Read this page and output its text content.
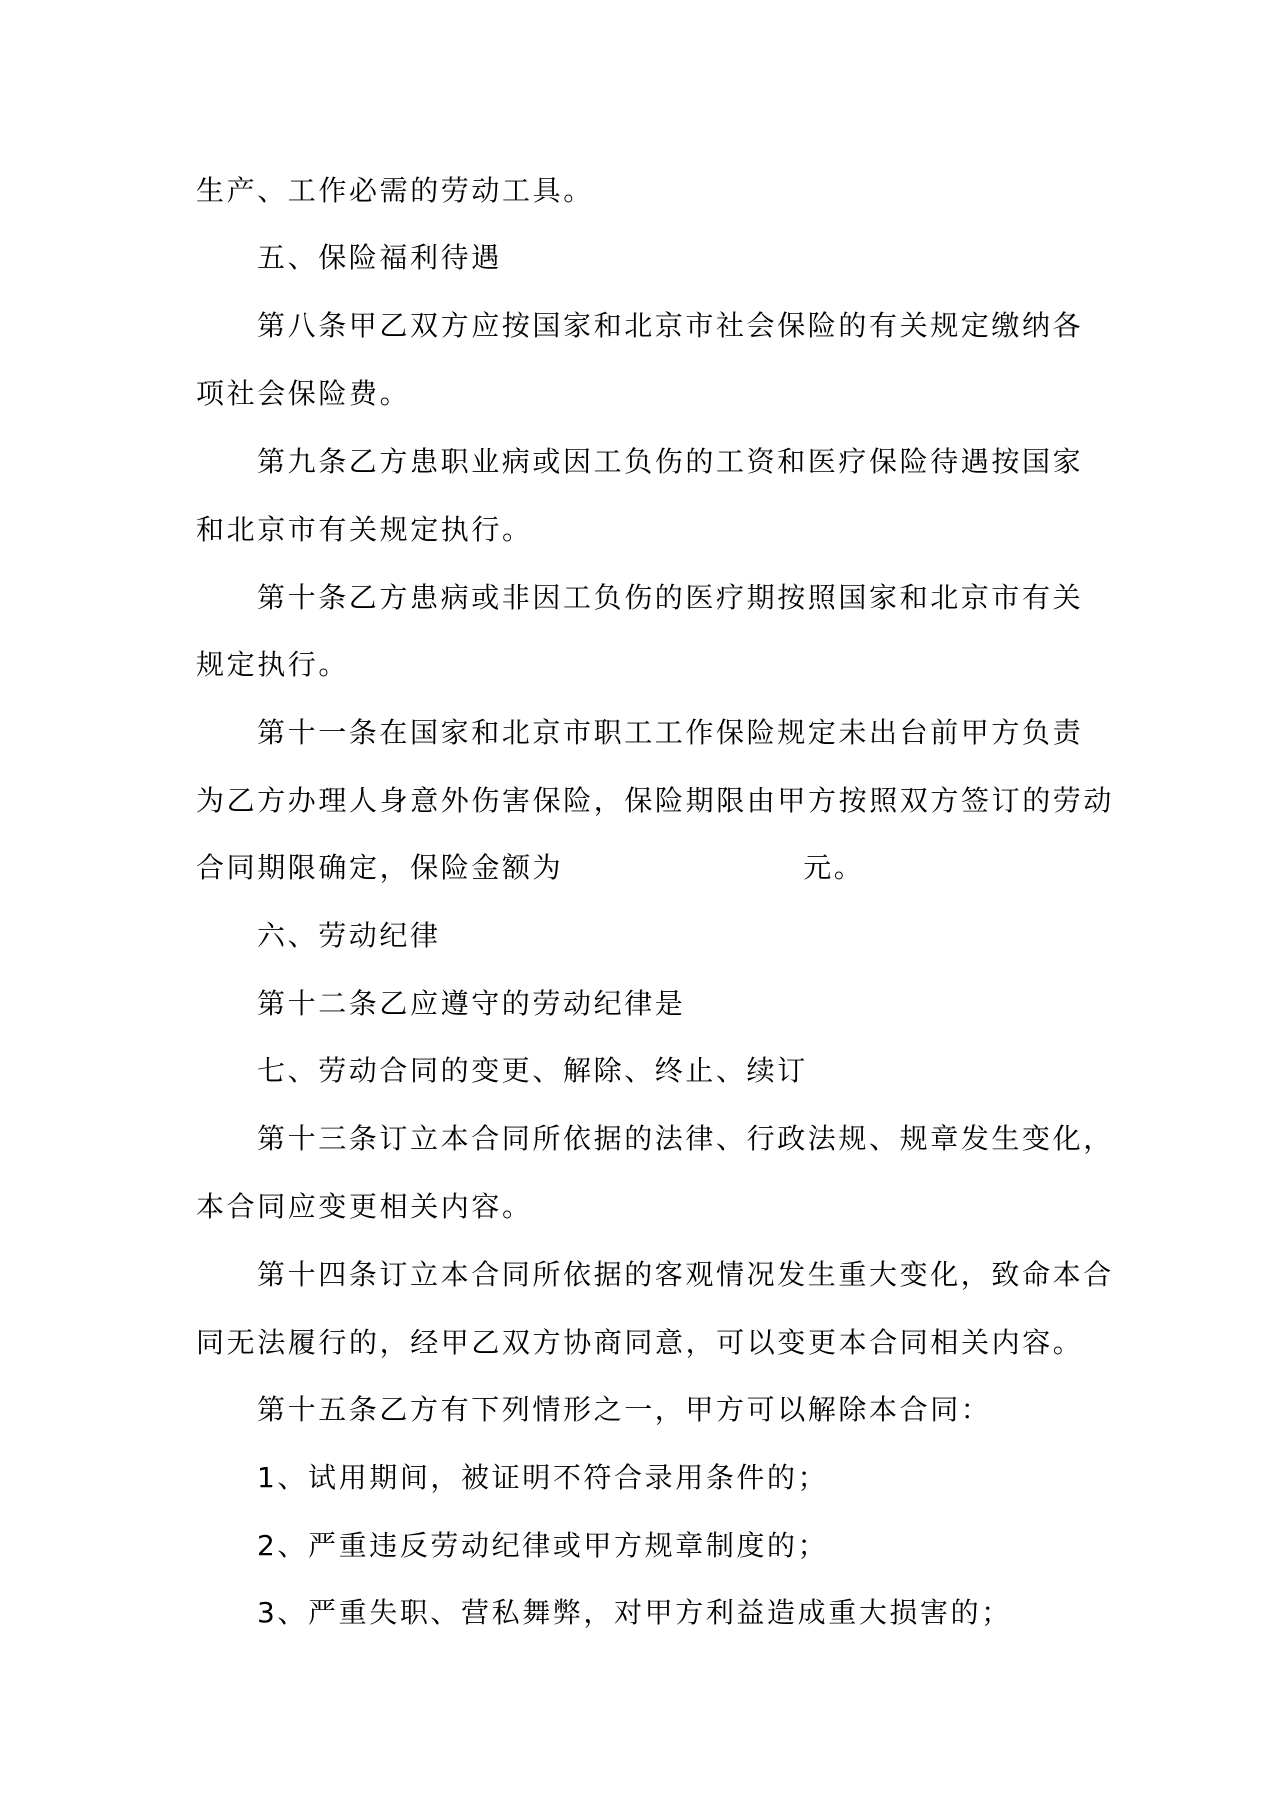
生产、工作必需的劳动工具。
五、保险福利待遇
第八条甲乙双方应按国家和北京市社会保险的有关规定缴纳各
项社会保险费。
第九条乙方患职业病或因工负伤的工资和医疗保险待遇按国家
和北京市有关规定执行。
第十条乙方患病或非因工负伤的医疗期按照国家和北京市有关
规定执行。
第十一条在国家和北京市职工工作保险规定未出台前甲方负责
为乙方办理人身意外伤害保险，保险期限由甲方按照双方签订的劳动
合同期限确定，保险金额为	元。
六、劳动纪律
第十二条乙应遵守的劳动纪律是
七、劳动合同的变更、解除、终止、续订
第十三条订立本合同所依据的法律、行政法规、规章发生变化，
本合同应变更相关内容。
第十四条订立本合同所依据的客观情况发生重大变化，致命本合
同无法履行的，经甲乙双方协商同意，可以变更本合同相关内容。
第十五条乙方有下列情形之一，甲方可以解除本合同：
1、试用期间，被证明不符合录用条件的；
2、严重违反劳动纪律或甲方规章制度的；
3、严重失职、营私舞弊，对甲方利益造成重大损害的；
